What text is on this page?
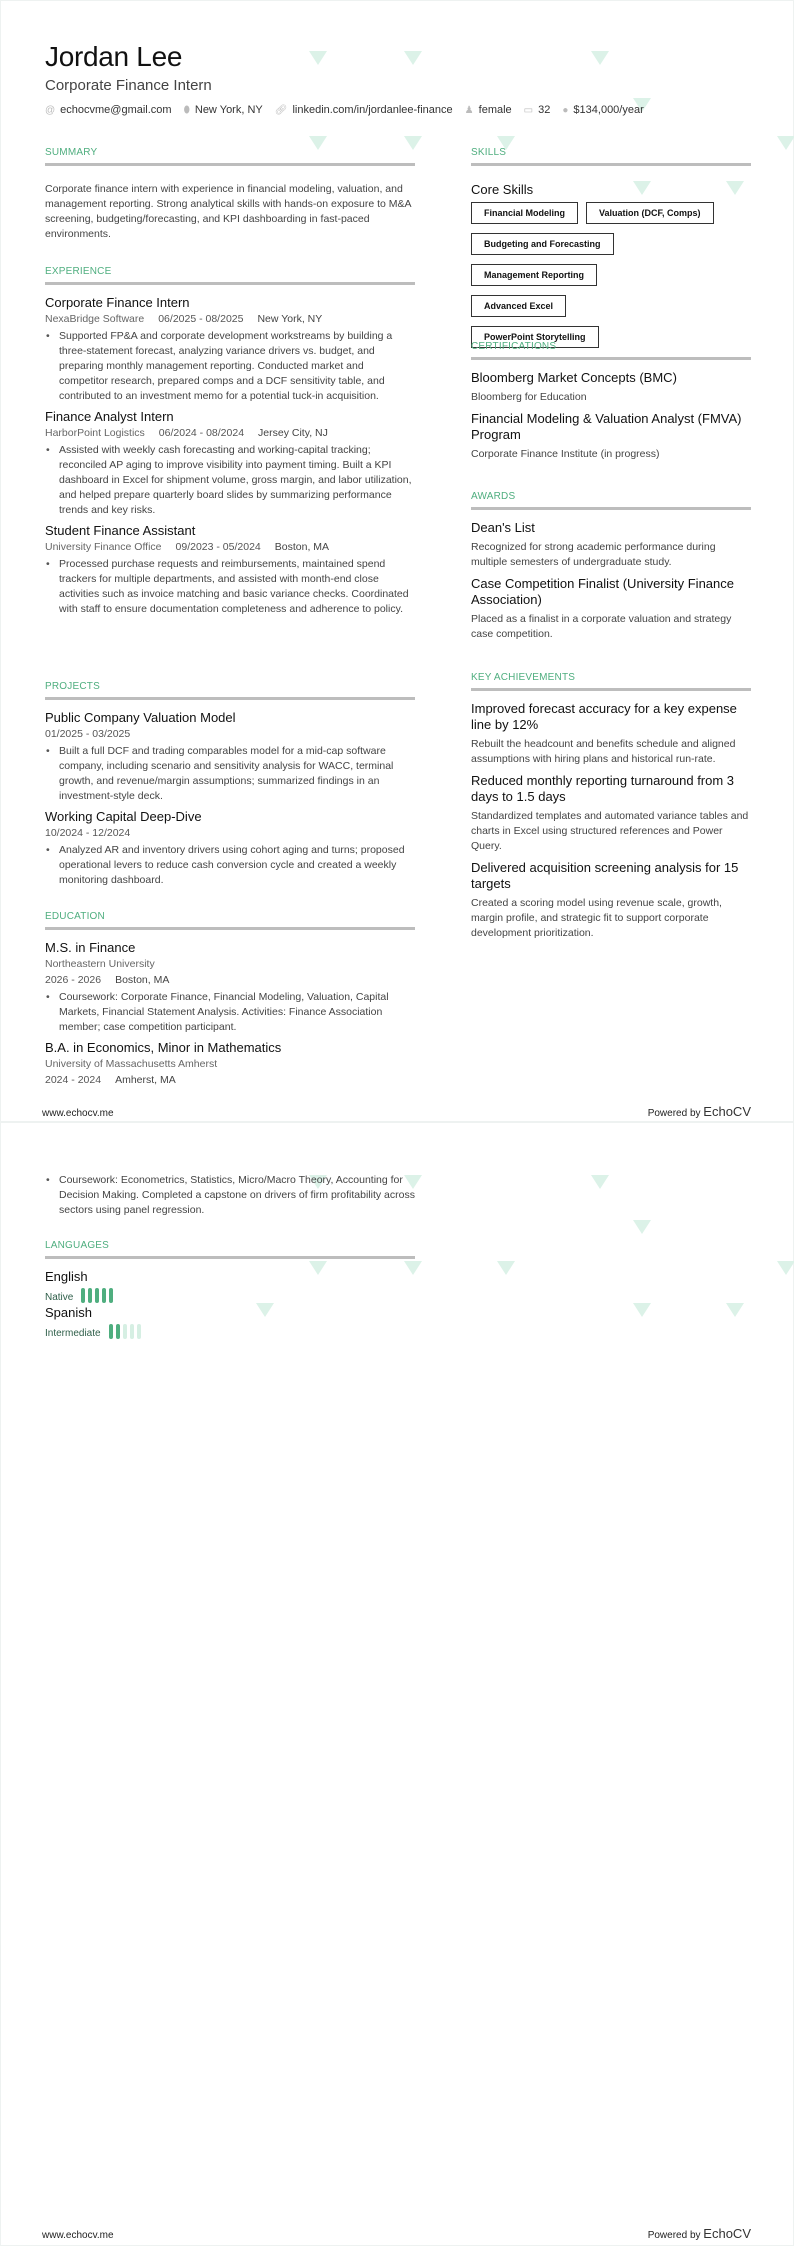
Jordan Lee
Corporate Finance Intern
@ echocvme@gmail.com ⬮ New York, NY 🔗︎ linkedin.com/in/jordanlee-finance ♟ female ▭ 32 ● $134,000/year
SUMMARY
Corporate finance intern with experience in financial modeling, valuation, and management reporting. Strong analytical skills with hands-on exposure to M&A screening, budgeting/forecasting, and KPI dashboarding in fast-paced environments.
EXPERIENCE
Corporate Finance Intern
NexaBridge Software 06/2025 - 08/2025 New York, NY
• Supported FP&A and corporate development workstreams by building a three-statement forecast, analyzing variance drivers vs. budget, and preparing monthly management reporting. Conducted market and competitor research, prepared comps and a DCF sensitivity table, and contributed to an investment memo for a potential tuck-in acquisition.
Finance Analyst Intern
HarborPoint Logistics 06/2024 - 08/2024 Jersey City, NJ
• Assisted with weekly cash forecasting and working-capital tracking; reconciled AP aging to improve visibility into payment timing. Built a KPI dashboard in Excel for shipment volume, gross margin, and labor utilization, and helped prepare quarterly board slides by summarizing performance trends and key risks.
Student Finance Assistant
University Finance Office 09/2023 - 05/2024 Boston, MA
• Processed purchase requests and reimbursements, maintained spend trackers for multiple departments, and assisted with month-end close activities such as invoice matching and basic variance checks. Coordinated with staff to ensure documentation completeness and adherence to policy.
PROJECTS
Public Company Valuation Model
01/2025 - 03/2025
• Built a full DCF and trading comparables model for a mid-cap software company, including scenario and sensitivity analysis for WACC, terminal growth, and revenue/margin assumptions; summarized findings in an investment-style deck.
Working Capital Deep-Dive
10/2024 - 12/2024
• Analyzed AR and inventory drivers using cohort aging and turns; proposed operational levers to reduce cash conversion cycle and created a weekly monitoring dashboard.
EDUCATION
M.S. in Finance
Northeastern University
2026 - 2026 Boston, MA
• Coursework: Corporate Finance, Financial Modeling, Valuation, Capital Markets, Financial Statement Analysis. Activities: Finance Association member; case competition participant.
B.A. in Economics, Minor in Mathematics
University of Massachusetts Amherst
2024 - 2024 Amherst, MA
SKILLS
Core Skills
Financial Modeling	Valuation (DCF, Comps)
Budgeting and Forecasting
Management Reporting
Advanced Excel
PowerPoint Storytelling
CERTIFICATIONS
Bloomberg Market Concepts (BMC)
Bloomberg for Education
Financial Modeling & Valuation Analyst (FMVA) Program
Corporate Finance Institute (in progress)
AWARDS
Dean's List
Recognized for strong academic performance during multiple semesters of undergraduate study.
Case Competition Finalist (University Finance Association)
Placed as a finalist in a corporate valuation and strategy case competition.
KEY ACHIEVEMENTS
Improved forecast accuracy for a key expense line by 12%
Rebuilt the headcount and benefits schedule and aligned assumptions with hiring plans and historical run-rate.
Reduced monthly reporting turnaround from 3 days to 1.5 days
Standardized templates and automated variance tables and charts in Excel using structured references and Power Query.
Delivered acquisition screening analysis for 15 targets
Created a scoring model using revenue scale, growth, margin profile, and strategic fit to support corporate development prioritization.
www.echocv.me	Powered by EchoCV
• Coursework: Econometrics, Statistics, Micro/Macro Theory, Accounting for Decision Making. Completed a capstone on drivers of firm profitability across sectors using panel regression.
LANGUAGES
English
Native
Spanish
Intermediate
www.echocv.me	Powered by EchoCV
